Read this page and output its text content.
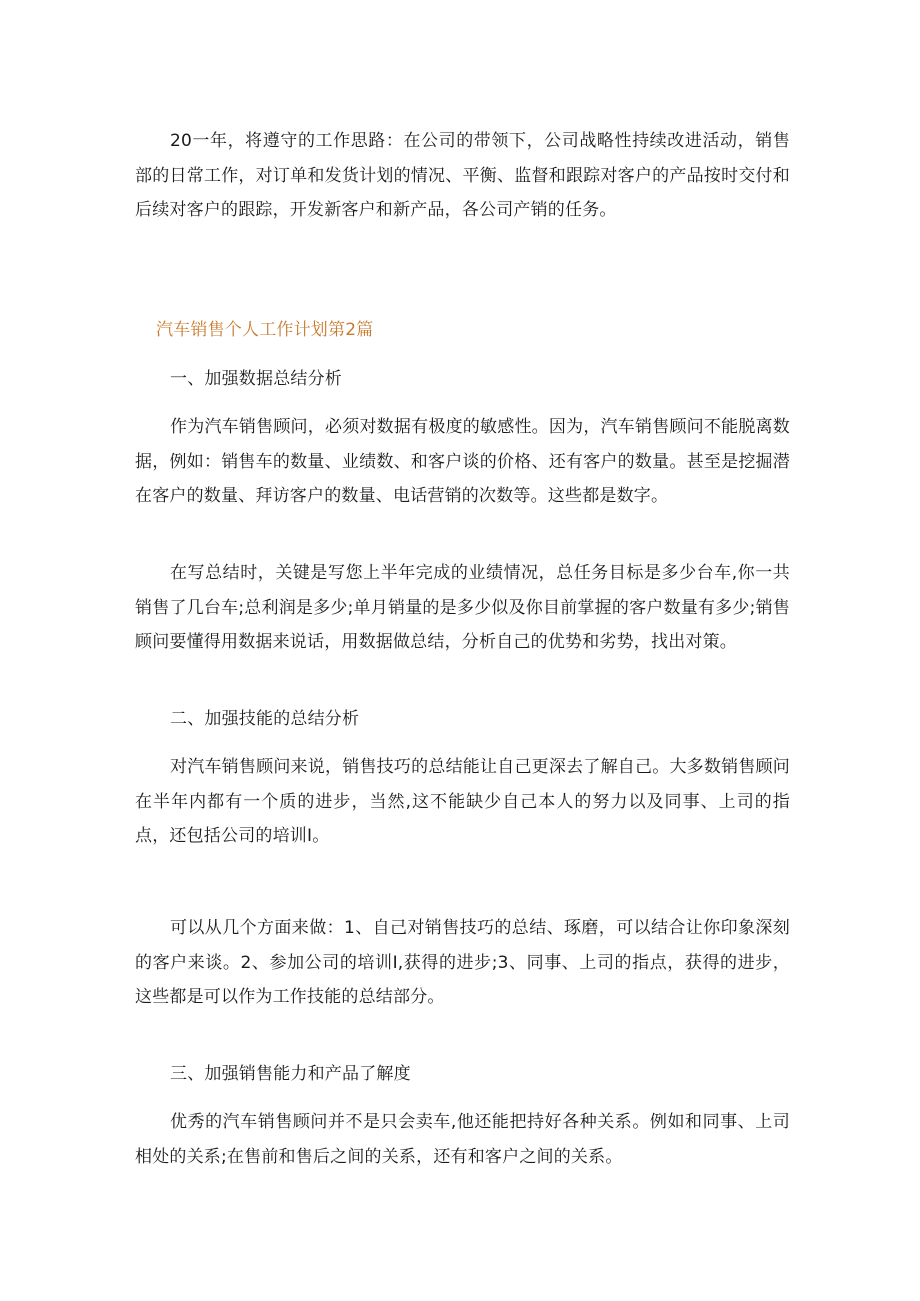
20一年，将遵守的工作思路：在公司的带领下，公司战略性持续改进活动，销售部的日常工作，对订单和发货计划的情况、平衡、监督和跟踪对客户的产品按时交付和后续对客户的跟踪，开发新客户和新产品，各公司产销的任务。

汽车销售个人工作计划第2篇

一、加强数据总结分析

作为汽车销售顾问，必须对数据有极度的敏感性。因为，汽车销售顾问不能脱离数据，例如：销售车的数量、业绩数、和客户谈的价格、还有客户的数量。甚至是挖掘潜在客户的数量、拜访客户的数量、电话营销的次数等。这些都是数字。

在写总结时，关键是写您上半年完成的业绩情况，总任务目标是多少台车,你一共销售了几台车;总利润是多少;单月销量的是多少似及你目前掌握的客户数量有多少;销售顾问要懂得用数据来说话，用数据做总结，分析自己的优势和劣势，找出对策。

二、加强技能的总结分析

对汽车销售顾问来说，销售技巧的总结能让自己更深去了解自己。大多数销售顾问在半年内都有一个质的进步，当然,这不能缺少自己本人的努力以及同事、上司的指点，还包括公司的培训I。

可以从几个方面来做：1、自己对销售技巧的总结、琢磨，可以结合让你印象深刻的客户来谈。2、参加公司的培训I,获得的进步;3、同事、上司的指点，获得的进步，这些都是可以作为工作技能的总结部分。

三、加强销售能力和产品了解度

优秀的汽车销售顾问并不是只会卖车,他还能把持好各种关系。例如和同事、上司相处的关系;在售前和售后之间的关系，还有和客户之间的关系。
